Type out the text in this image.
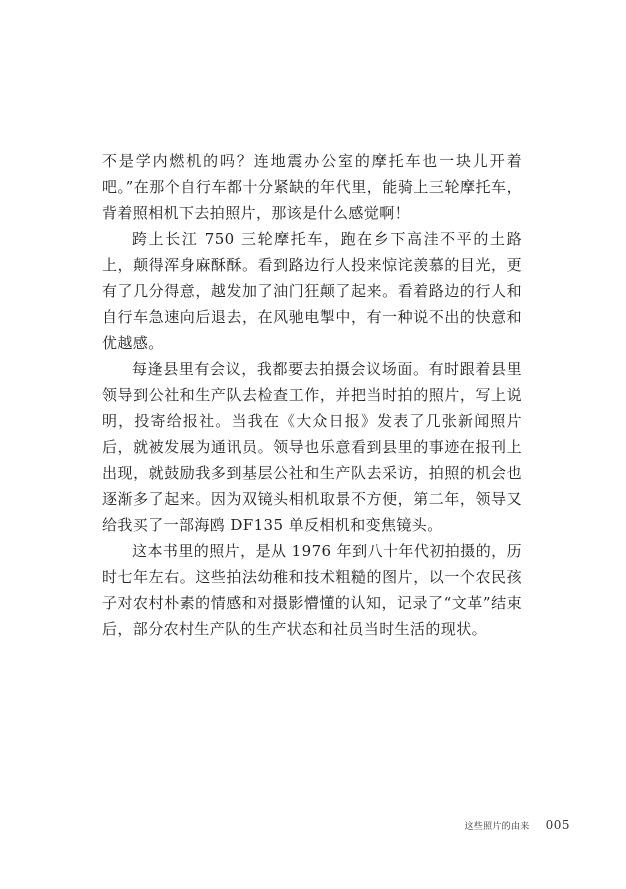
不是学内燃机的吗？连地震办公室的摩托车也一块儿开着吧。”在那个自行车都十分紧缺的年代里，能骑上三轮摩托车，背着照相机下去拍照片，那该是什么感觉啊！

跨上长江 750 三轮摩托车，跑在乡下高洼不平的土路上，颠得浑身麻酥酥。看到路边行人投来惊诧羡慕的目光，更有了几分得意，越发加了油门狂颠了起来。看着路边的行人和自行车急速向后退去，在风驰电掣中，有一种说不出的快意和优越感。

每逢县里有会议，我都要去拍摄会议场面。有时跟着县里领导到公社和生产队去检查工作，并把当时拍的照片，写上说明，投寄给报社。当我在《大众日报》发表了几张新闻照片后，就被发展为通讯员。领导也乐意看到县里的事迹在报刊上出现，就鼓励我多到基层公社和生产队去采访，拍照的机会也逐渐多了起来。因为双镜头相机取景不方便，第二年，领导又给我买了一部海鸥 DF135 单反相机和变焦镜头。

这本书里的照片，是从 1976 年到八十年代初拍摄的，历时七年左右。这些拍法幼稚和技术粗糙的图片，以一个农民孩子对农村朴素的情感和对摄影懵懂的认知，记录了“文革”结束后，部分农村生产队的生产状态和社员当时生活的现状。

这些照片的由来 005
